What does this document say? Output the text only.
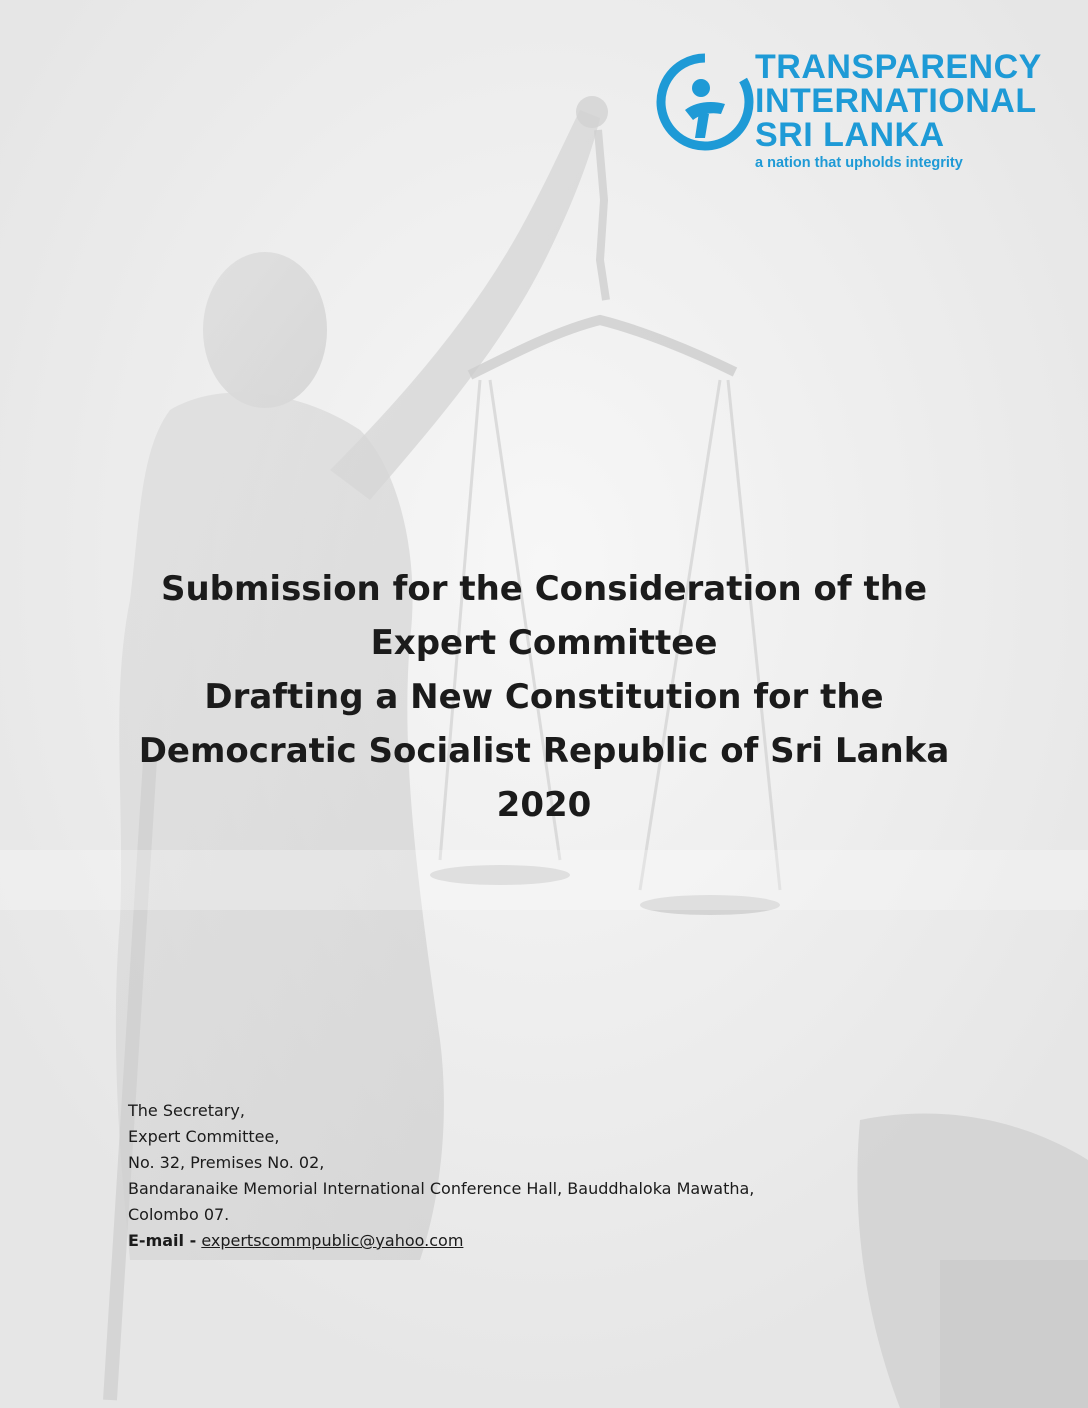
TRANSPARENCY
INTERNATIONAL
SRI LANKA
a nation that upholds integrity
Submission for the Consideration of the
Expert Committee
Drafting a New Constitution for the
Democratic Socialist Republic of Sri Lanka
2020
The Secretary,
Expert Committee,
No. 32, Premises No. 02,
Bandaranaike Memorial International Conference Hall, Bauddhaloka Mawatha,
Colombo 07.
E-mail - expertscommpublic@yahoo.com
